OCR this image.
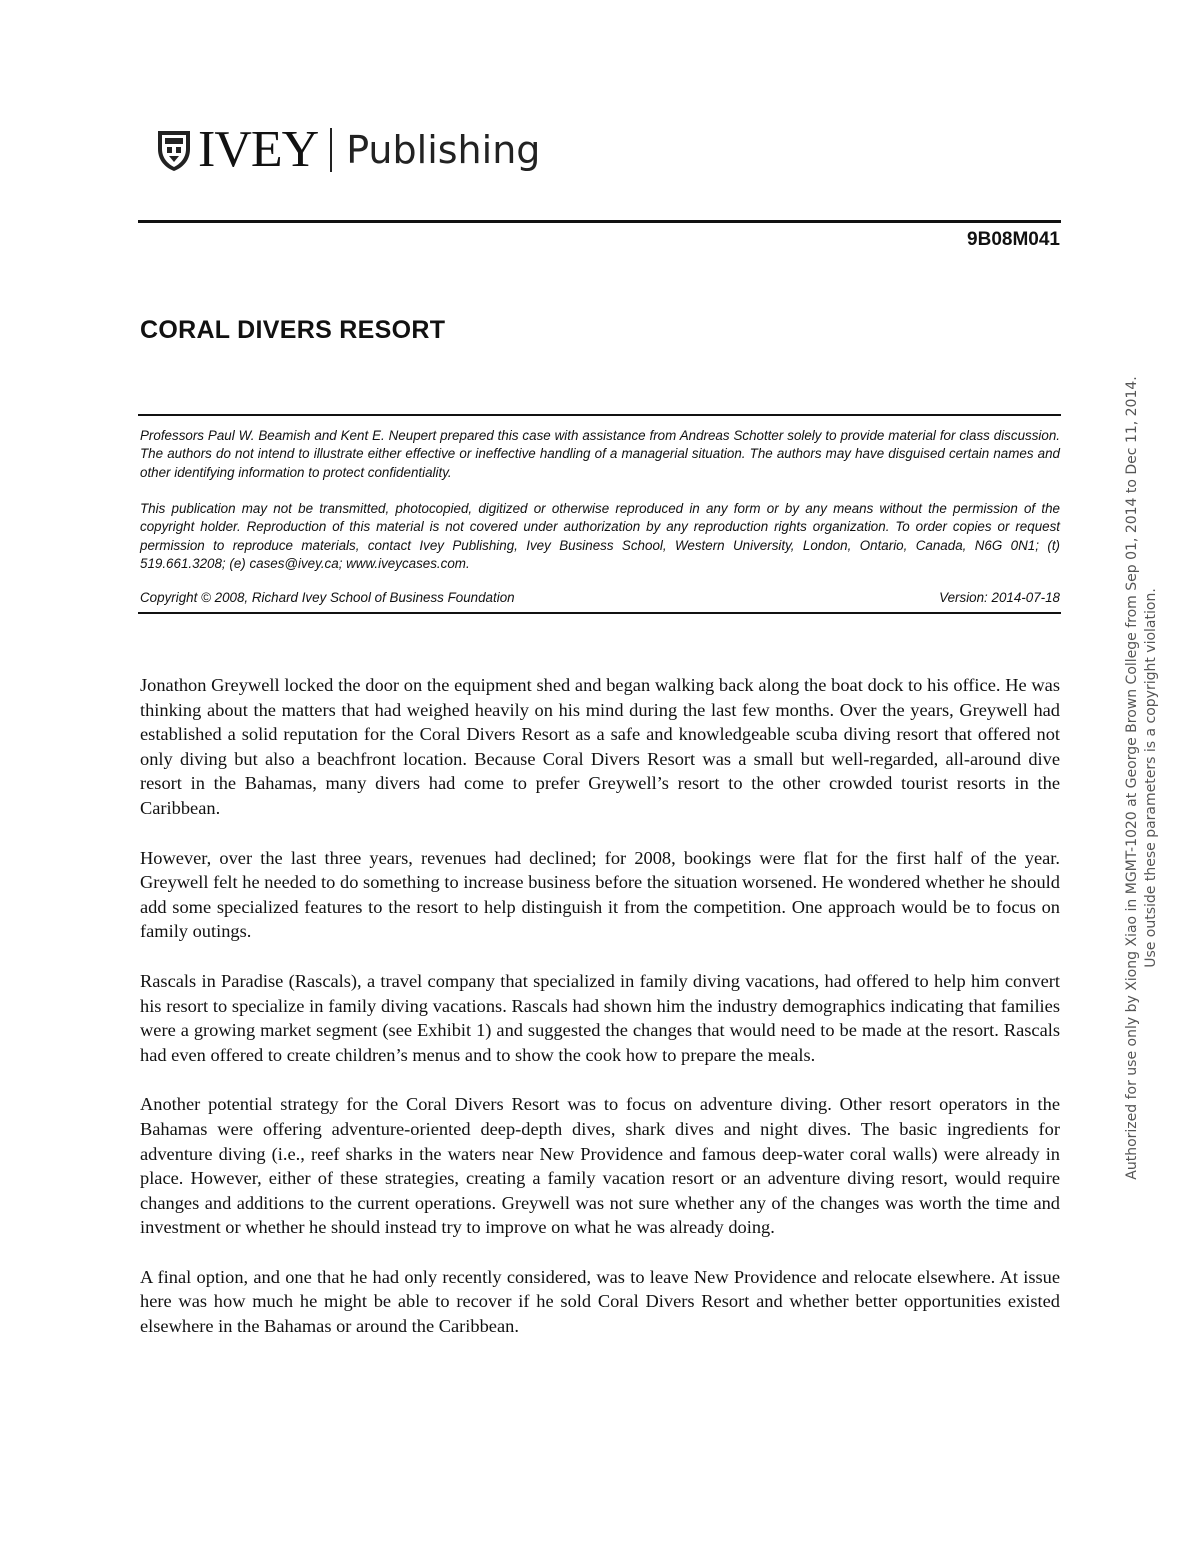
IVEY Publishing
9B08M041
CORAL DIVERS RESORT

Professors Paul W. Beamish and Kent E. Neupert prepared this case with assistance from Andreas Schotter solely to provide material for class discussion. The authors do not intend to illustrate either effective or ineffective handling of a managerial situation. The authors may have disguised certain names and other identifying information to protect confidentiality.

This publication may not be transmitted, photocopied, digitized or otherwise reproduced in any form or by any means without the permission of the copyright holder. Reproduction of this material is not covered under authorization by any reproduction rights organization. To order copies or request permission to reproduce materials, contact Ivey Publishing, Ivey Business School, Western University, London, Ontario, Canada, N6G 0N1; (t) 519.661.3208; (e) cases@ivey.ca; www.iveycases.com.

Copyright © 2008, Richard Ivey School of Business Foundation	Version: 2014-07-18

Jonathon Greywell locked the door on the equipment shed and began walking back along the boat dock to his office. He was thinking about the matters that had weighed heavily on his mind during the last few months. Over the years, Greywell had established a solid reputation for the Coral Divers Resort as a safe and knowledgeable scuba diving resort that offered not only diving but also a beachfront location. Because Coral Divers Resort was a small but well-regarded, all-around dive resort in the Bahamas, many divers had come to prefer Greywell’s resort to the other crowded tourist resorts in the Caribbean.

However, over the last three years, revenues had declined; for 2008, bookings were flat for the first half of the year. Greywell felt he needed to do something to increase business before the situation worsened. He wondered whether he should add some specialized features to the resort to help distinguish it from the competition. One approach would be to focus on family outings.

Rascals in Paradise (Rascals), a travel company that specialized in family diving vacations, had offered to help him convert his resort to specialize in family diving vacations. Rascals had shown him the industry demographics indicating that families were a growing market segment (see Exhibit 1) and suggested the changes that would need to be made at the resort. Rascals had even offered to create children’s menus and to show the cook how to prepare the meals.

Another potential strategy for the Coral Divers Resort was to focus on adventure diving. Other resort operators in the Bahamas were offering adventure-oriented deep-depth dives, shark dives and night dives. The basic ingredients for adventure diving (i.e., reef sharks in the waters near New Providence and famous deep-water coral walls) were already in place. However, either of these strategies, creating a family vacation resort or an adventure diving resort, would require changes and additions to the current operations. Greywell was not sure whether any of the changes was worth the time and investment or whether he should instead try to improve on what he was already doing.

A final option, and one that he had only recently considered, was to leave New Providence and relocate elsewhere. At issue here was how much he might be able to recover if he sold Coral Divers Resort and whether better opportunities existed elsewhere in the Bahamas or around the Caribbean.

Authorized for use only by Xiong Xiao in MGMT-1020 at George Brown College from Sep 01, 2014 to Dec 11, 2014. Use outside these parameters is a copyright violation.
